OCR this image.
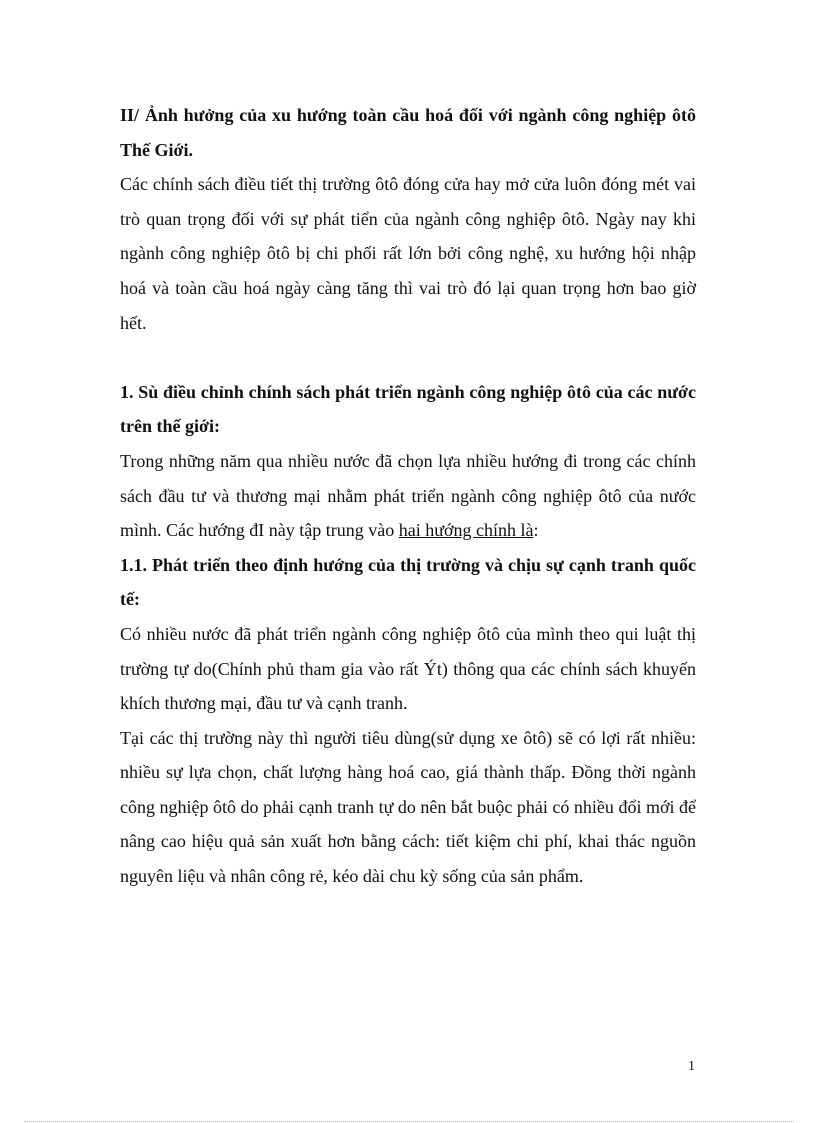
II/ Ảnh hưởng của xu hướng toàn cầu hoá đối với ngành công nghiệp ôtô Thế Giới.

Các chính sách điều tiết thị trường ôtô đóng cửa hay mở cửa luôn đóng mét vai trò quan trọng đối với sự phát tiển của ngành công nghiệp ôtô. Ngày nay khi ngành công nghiệp ôtô bị chi phối rất lớn bởi công nghệ, xu hướng hội nhập hoá và toàn cầu hoá ngày càng tăng thì vai trò đó lại quan trọng hơn bao giờ hết.

1. Sù điều chỉnh chính sách phát triển ngành công nghiệp ôtô của các nước trên thế giới:

Trong những năm qua nhiều nước đã chọn lựa nhiều hướng đi trong các chính sách đầu tư và thương mại nhằm phát triển ngành công nghiệp ôtô của nước mình. Các hướng đI này tập trung vào hai hướng chính là:

1.1. Phát triển theo định hướng của thị trường và chịu sự cạnh tranh quốc tế:

Có nhiều nước đã phát triển ngành công nghiệp ôtô của mình theo qui luật thị trường tự do(Chính phủ tham gia vào rất Ýt) thông qua các chính sách khuyến khích thương mại, đầu tư và cạnh tranh.

Tại các thị trường này thì người tiêu dùng(sử dụng xe ôtô) sẽ có lợi rất nhiều: nhiều sự lựa chọn, chất lượng hàng hoá cao, giá thành thấp. Đồng thời ngành công nghiệp ôtô do phải cạnh tranh tự do nên bắt buộc phải có nhiều đổi mới để nâng cao hiệu quả sản xuất hơn bằng cách: tiết kiệm chi phí, khai thác nguồn nguyên liệu và nhân công rẻ, kéo dài chu kỳ sống của sản phẩm.

1
